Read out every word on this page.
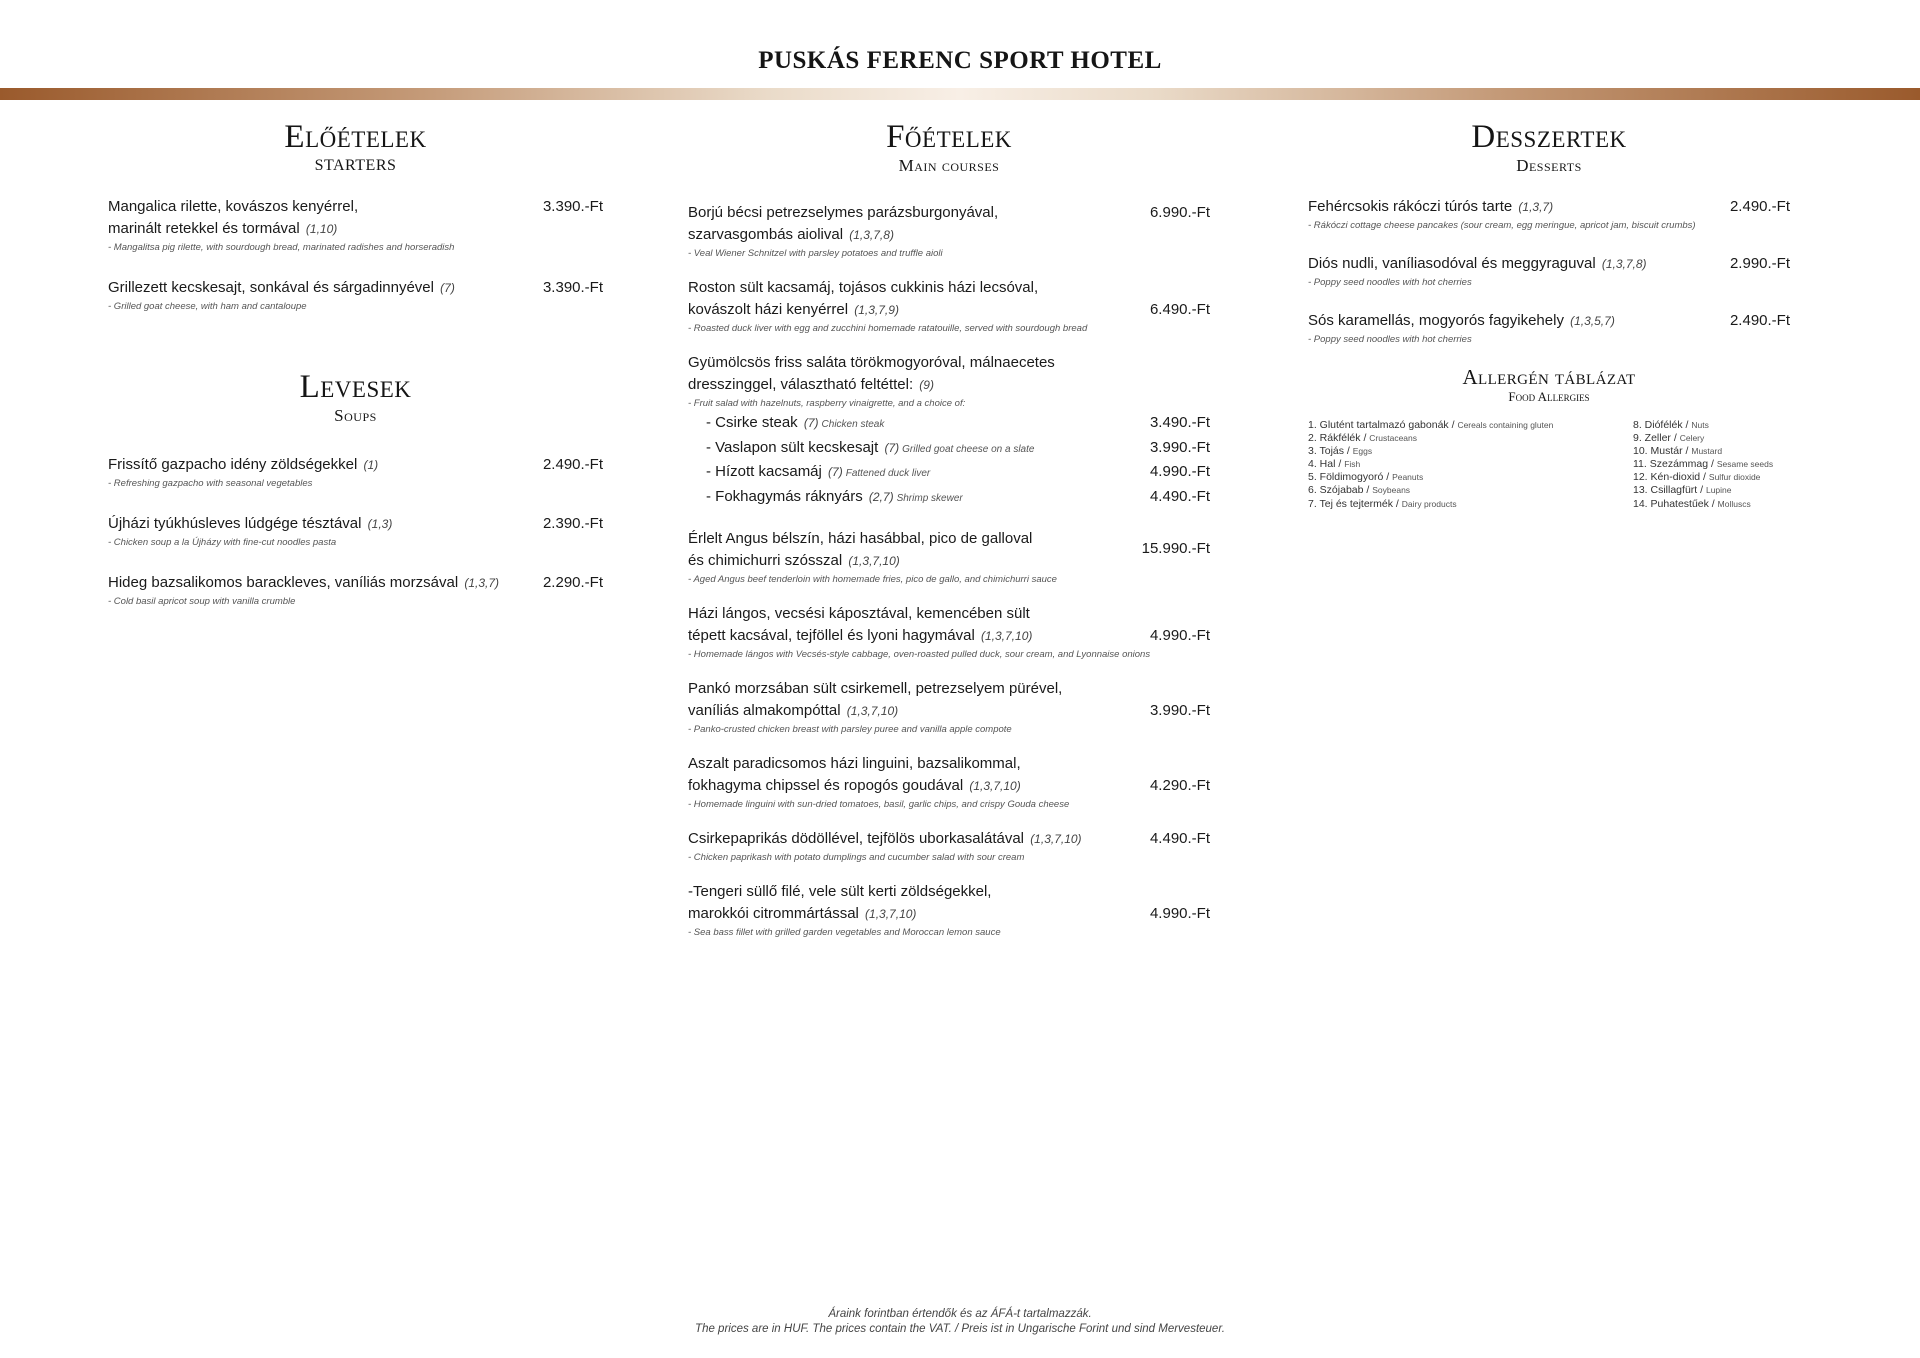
PUSKÁS FERENC SPORT HOTEL
Előételek
STARTERS
Mangalica rilette, kovászos kenyérrel,
marinált retekkel és tormával (1,10)
- Mangalitsa pig rilette, with sourdough bread, marinated radishes and horseradish
3.390.-Ft
Grillezett kecskesajt, sonkával és sárgadinnyével (7)
- Grilled goat cheese, with ham and cantaloupe
3.390.-Ft
Levesek
Soups
Frissítő gazpacho idény zöldségekkel (1)
- Refreshing gazpacho with seasonal vegetables
2.490.-Ft
Újházi tyúkhúsleves lúdgége tésztával (1,3)
- Chicken soup a la Újházy with fine-cut noodles pasta
2.390.-Ft
Hideg bazsalikomos barackleves, vaníliás morzsával (1,3,7)
- Cold basil apricot soup with vanilla crumble
2.290.-Ft
Főételek
Main courses
Borjú bécsi petrezselymes parázsburgonyával,
szarvasgombás aiolival (1,3,7,8)
- Veal Wiener Schnitzel with parsley potatoes and truffle aioli
6.990.-Ft
Roston sült kacsamáj, tojásos cukkinis házi lecsóval,
kovászolt házi kenyérrel (1,3,7,9)
- Roasted duck liver with egg and zucchini homemade ratatouille, served with sourdough bread
6.490.-Ft
Gyümölcsös friss saláta törökmogyoróval, málnaecetes
dresszinggel, választható feltéttel: (9)
- Fruit salad with hazelnuts, raspberry vinaigrette, and a choice of:
- Csirke steak (7) Chicken steak	3.490.-Ft
- Vaslapon sült kecskesajt (7) Grilled goat cheese on a slate	3.990.-Ft
- Hízott kacsamáj (7) Fattened duck liver	4.990.-Ft
- Fokhagymás ráknyárs (2,7) Shrimp skewer	4.490.-Ft
Érlelt Angus bélszín, házi hasábbal, pico de galloval
és chimichurri szósszal (1,3,7,10)
- Aged Angus beef tenderloin with homemade fries, pico de gallo, and chimichurri sauce
15.990.-Ft
Házi lángos, vecsési káposztával, kemencében sült
tépett kacsával, tejföllel és lyoni hagymával (1,3,7,10)
- Homemade lángos with Vecsés-style cabbage, oven-roasted pulled duck, sour cream, and Lyonnaise onions
4.990.-Ft
Pankó morzsában sült csirkemell, petrezselyem pürével,
vaníliás almakompóttal (1,3,7,10)
- Panko-crusted chicken breast with parsley puree and vanilla apple compote
3.990.-Ft
Aszalt paradicsomos házi linguini, bazsalikommal,
fokhagyma chipssel és ropogós goudával (1,3,7,10)
- Homemade linguini with sun-dried tomatoes, basil, garlic chips, and crispy Gouda cheese
4.290.-Ft
Csirkepaprikás dödöllével, tejfölös uborkasalátával (1,3,7,10)
- Chicken paprikash with potato dumplings and cucumber salad with sour cream
4.490.-Ft
-Tengeri süllő filé, vele sült kerti zöldségekkel,
marokkói citrommártással (1,3,7,10)
- Sea bass fillet with grilled garden vegetables and Moroccan lemon sauce
4.990.-Ft
Desszertek
Desserts
Fehércsokis rákóczi túrós tarte (1,3,7)
- Rákóczi cottage cheese pancakes (sour cream, egg meringue, apricot jam, biscuit crumbs)
2.490.-Ft
Diós nudli, vaníliasodóval és meggyraguval (1,3,7,8)
- Poppy seed noodles with hot cherries
2.990.-Ft
Sós karamellás, mogyorós fagyikehely (1,3,5,7)
- Poppy seed noodles with hot cherries
2.490.-Ft
Allergén táblázat
Food Allergies
1. Glutént tartalmazó gabonák / Cereals containing gluten
2. Rákfélék / Crustaceans
3. Tojás / Eggs
4. Hal / Fish
5. Földimogyoró / Peanuts
6. Szójabab / Soybeans
7. Tej és tejtermék / Dairy products
8. Diófélék / Nuts
9. Zeller / Celery
10. Mustár / Mustard
11. Szezámmag / Sesame seeds
12. Kén-dioxid / Sulfur dioxide
13. Csillagfürt / Lupine
14. Puhatestűek / Molluscs
Áraink forintban értendők és az ÁFÁ-t tartalmazzák.
The prices are in HUF. The prices contain the VAT. / Preis ist in Ungarische Forint und sind Mervesteuer.
